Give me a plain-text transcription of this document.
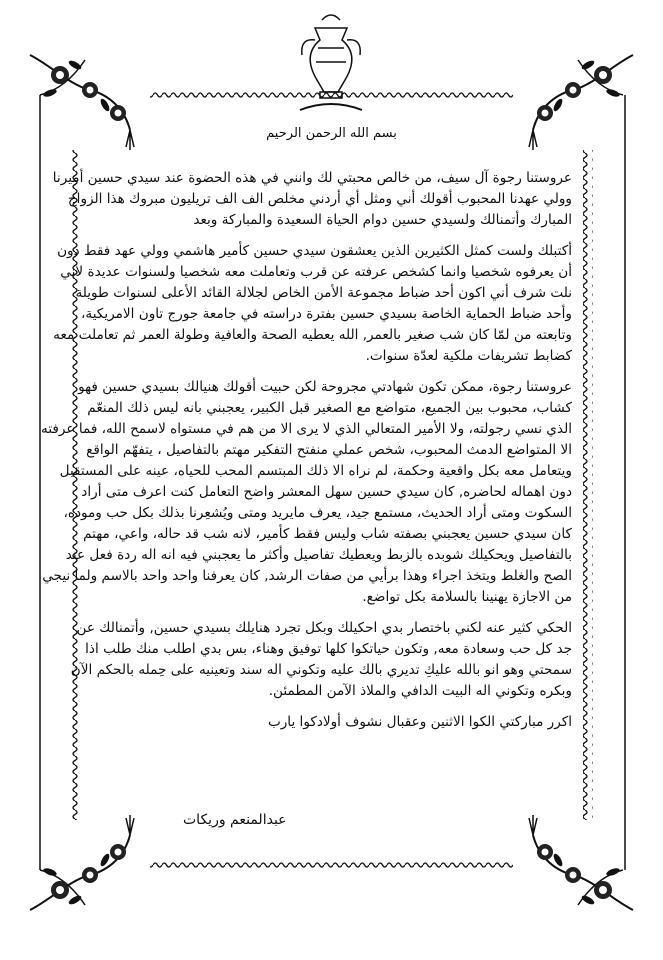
بسم الله الرحمن الرحيم
عروستنا رجوة آل سيف، من خالص محبتي لك وانني في هذه الحضوة عند سيدي حسين أميرنا
وولي عهدنا المحبوب أقولك أني ومثل أي أردني مخلص الف الف تريليون مبروك هذا الزواج
المبارك وأتمنالك ولسيدي حسين دوام الحياة السعيدة والمباركة وبعد
أكتبلك ولست كمثل الكثيرين الذين يعشقون سيدي حسين كأمير هاشمي وولي عهد فقط دون
أن يعرفوه شخصيا وانما كشخص عرفته عن قرب وتعاملت معه شخصيا ولسنوات عديدة لاني
نلت شرف أني اكون أحد ضباط مجموعة الأمن الخاص لجلالة القائد الأعلى لسنوات طويلة
وأحد ضباط الحماية الخاصة بسيدي حسين بفترة دراسته في جامعة جورج تاون الامريكية،
وتابعته من لمّا كان شب صغير بالعمر, الله يعطيه الصحة والعافية وطولة العمر ثم تعاملت معه
كضابط تشريفات ملكية لعدّة سنوات.
عروستنا رجوة، ممكن تكون شهادتي مجروحة لكن حبيت أقولك هنيالك بسيدي حسين فهو
كشاب، محبوب بين الجميع، متواضع مع الصغير قبل الكبير، يعجبني بانه ليس ذلك المنعّم
الذي نسي رجولته، ولا الأمير المتعالي الذي لا يرى الا من هم في مستواه لاسمح الله، فما عرفته
الا المتواضع الدمث المحبوب، شخص عملي منفتح التفكير مهتم بالتفاصيل ، يتفهّم الواقع
ويتعامل معه بكل واقعية وحكمة، لم نراه الا ذلك المبتسم المحب للحياه، عينه على المستقبل
دون اهماله لحاضره, كان سيدي حسين سهل المعشر واضح التعامل كنت اعرف متى أراد
السكوت ومتى أراد الحديث، مستمع جيد، يعرف مايريد ومتى ويُشعِرنا بذلك بكل حب وموده،
كان سيدي حسين يعجبني بصفته شاب وليس فقط كأمير، لانه شب قد حاله، واعي، مهتم
بالتفاصيل ويحكيلك شوبده بالزبط ويعطيك تفاصيل وأكثر ما يعجبني فيه انه اله ردة فعل عند
الصح والغلط ويتخذ اجراء وهذا برأيي من صفات الرشد, كان يعرفنا واحد واحد بالاسم ولما نيجي
من الاجازة يهنينا بالسلامة بكل تواضع.
الحكي كثير عنه لكني باختصار بدي احكيلك وبكل تجرد هنايلك بسيدي حسين, وأتمنالك عن
جد كل حب وسعادة معه, وتكون حياتكوا كلها توفيق وهناء، بس بدي اطلب منك طلب اذا
سمحتي وهو انو بالله عليكِ تديري بالك عليه وتكوني اله سند وتعينيه على حِمله بالحكم الآن
وبكره وتكوني اله البيت الدافي والملاذ الآمن المطمئن.
اكرر مباركتي الكوا الاثنين وعقبال نشوف أولادكوا يارب
عبدالمنعم وريكات
